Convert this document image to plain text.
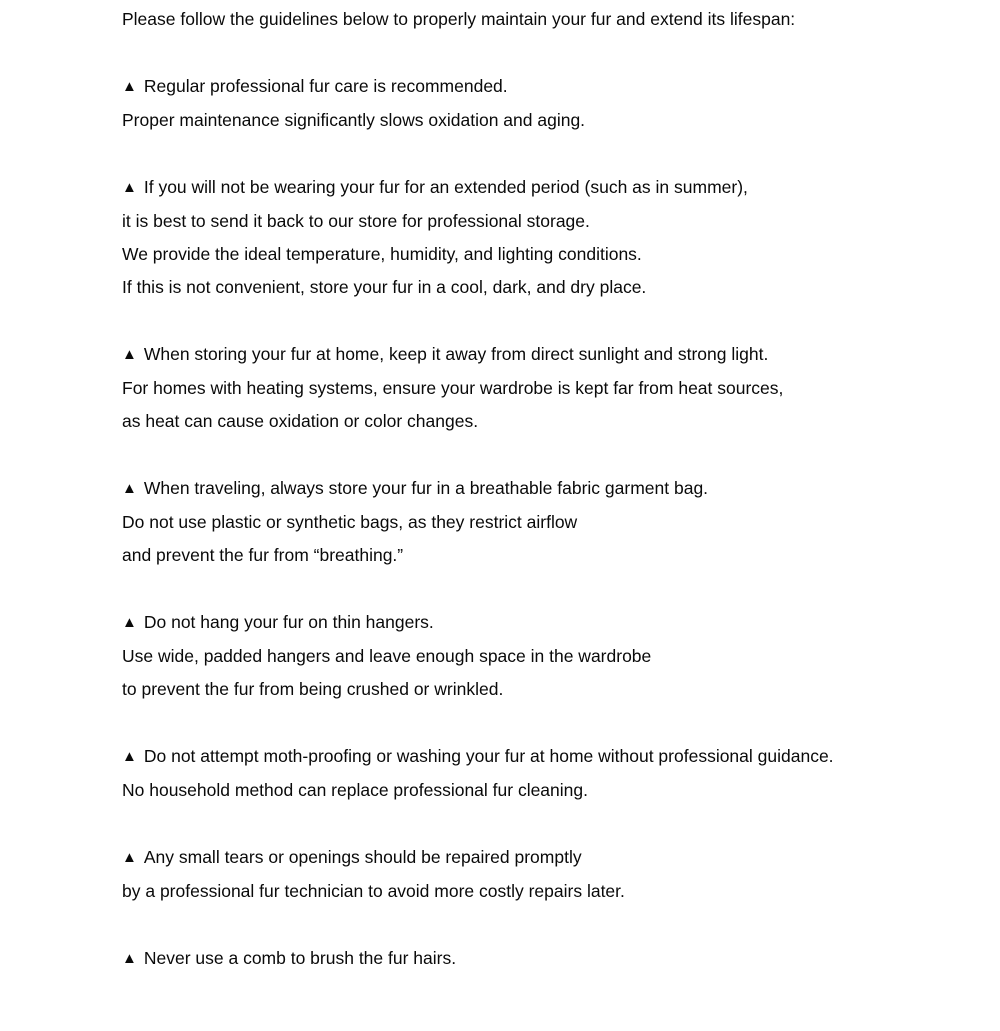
Please follow the guidelines below to properly maintain your fur and extend its lifespan:

▲ Regular professional fur care is recommended.
Proper maintenance significantly slows oxidation and aging.
▲ If you will not be wearing your fur for an extended period (such as in summer),
it is best to send it back to our store for professional storage.
We provide the ideal temperature, humidity, and lighting conditions.
If this is not convenient, store your fur in a cool, dark, and dry place.
▲ When storing your fur at home, keep it away from direct sunlight and strong light.
For homes with heating systems, ensure your wardrobe is kept far from heat sources,
as heat can cause oxidation or color changes.
▲ When traveling, always store your fur in a breathable fabric garment bag.
Do not use plastic or synthetic bags, as they restrict airflow
and prevent the fur from “breathing.”
▲ Do not hang your fur on thin hangers.
Use wide, padded hangers and leave enough space in the wardrobe
to prevent the fur from being crushed or wrinkled.
▲ Do not attempt moth-proofing or washing your fur at home without professional guidance.
No household method can replace professional fur cleaning.
▲ Any small tears or openings should be repaired promptly
by a professional fur technician to avoid more costly repairs later.
▲ Never use a comb to brush the fur hairs.
